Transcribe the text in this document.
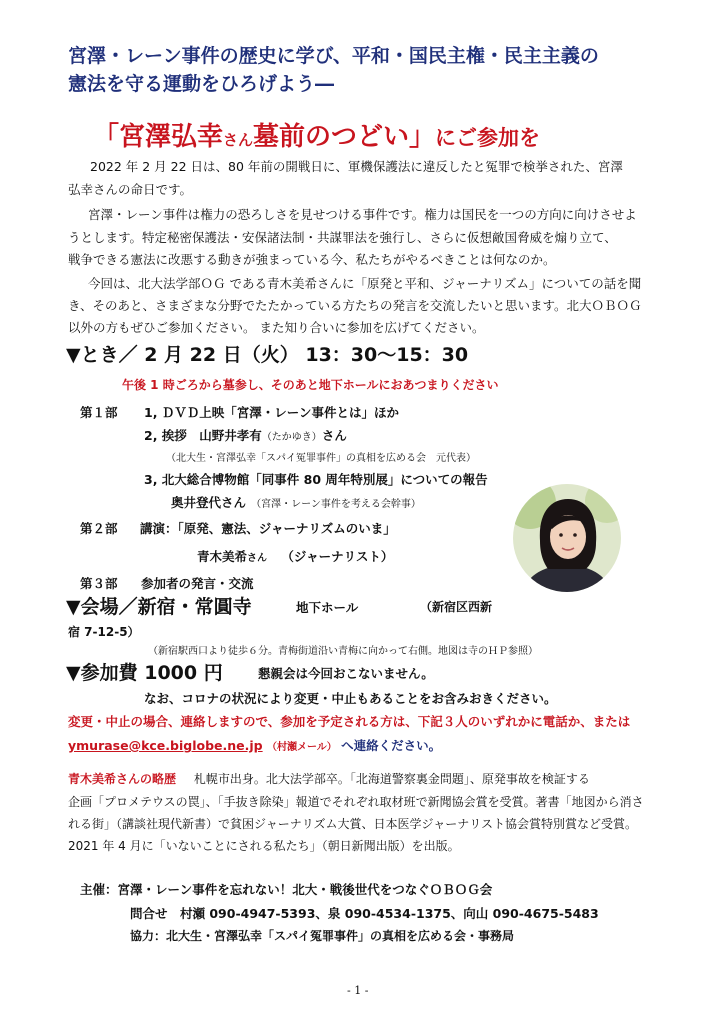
宮澤・レーン事件の歴史に学び、平和・国民主権・民主主義の
憲法を守る運動をひろげよう―
「宮澤弘幸さん墓前のつどい」にご参加を
2022 年 2 月 22 日は、80 年前の開戦日に、軍機保護法に違反したと冤罪で検挙された、宮澤
弘幸さんの命日です。
宮澤・レーン事件は権力の恐ろしさを見せつける事件です。権力は国民を一つの方向に向けさせよ
うとします。特定秘密保護法・安保諸法制・共謀罪法を強行し、さらに仮想敵国脅威を煽り立て、
戦争できる憲法に改悪する動きが強まっている今、私たちがやるべきことは何なのか。
今回は、北大法学部ＯＧ である青木美希さんに「原発と平和、ジャーナリズム」についての話を聞
き、そのあと、さまざまな分野でたたかっている方たちの発言を交流したいと思います。北大ＯＢＯＧ
以外の方もぜひご参加ください。 また知り合いに参加を広げてください。
▼とき／ 2 月 22 日（火） 13：30～15：30
午後 1 時ごろから墓参し、そのあと地下ホールにおあつまりください
第１部 1, ＤＶＤ上映「宮澤・レーン事件とは」ほか
2, 挨拶　山野井孝有（たかゆき）さん
（北大生・宮澤弘幸「スパイ冤罪事件」の真相を広める会　元代表）
3, 北大総合博物館「同事件 80 周年特別展」についての報告
奥井登代さん （宮澤・レーン事件を考える会幹事）
第２部 講演：「原発、憲法、ジャーナリズムのいま」
青木美希さん （ジャーナリスト）
第３部 参加者の発言・交流
▼会場／新宿・常圓寺	地下ホール	（新宿区西新
宿 7-12-5）
（新宿駅西口より徒歩６分。青梅街道沿い青梅に向かって右側。地図は寺のＨＰ参照）
▼参加費 1000 円	懇親会は今回おこないません。
なお、コロナの状況により変更・中止もあることをお含みおきください。
変更・中止の場合、連絡しますので、参加を予定される方は、下記３人のいずれかに電話か、または
ymurase@kce.biglobe.ne.jp （村瀬メール） へ連絡ください。
青木美希さんの略歴 札幌市出身。北大法学部卒。「北海道警察裏金問題」、原発事故を検証する
企画「プロメテウスの罠」、「手抜き除染」報道でそれぞれ取材班で新聞協会賞を受賞。著書「地図から消さ
れる街」（講談社現代新書）で貧困ジャーナリズム大賞、日本医学ジャーナリスト協会賞特別賞など受賞。
2021 年 4 月に「いないことにされる私たち」（朝日新聞出版）を出版。
主催：宮澤・レーン事件を忘れない！北大・戦後世代をつなぐＯＢＯＧ会
問合せ　村瀬 090-4947-5393、泉 090-4534-1375、向山 090-4675-5483
協力：北大生・宮澤弘幸「スパイ冤罪事件」の真相を広める会・事務局
- 1 -
